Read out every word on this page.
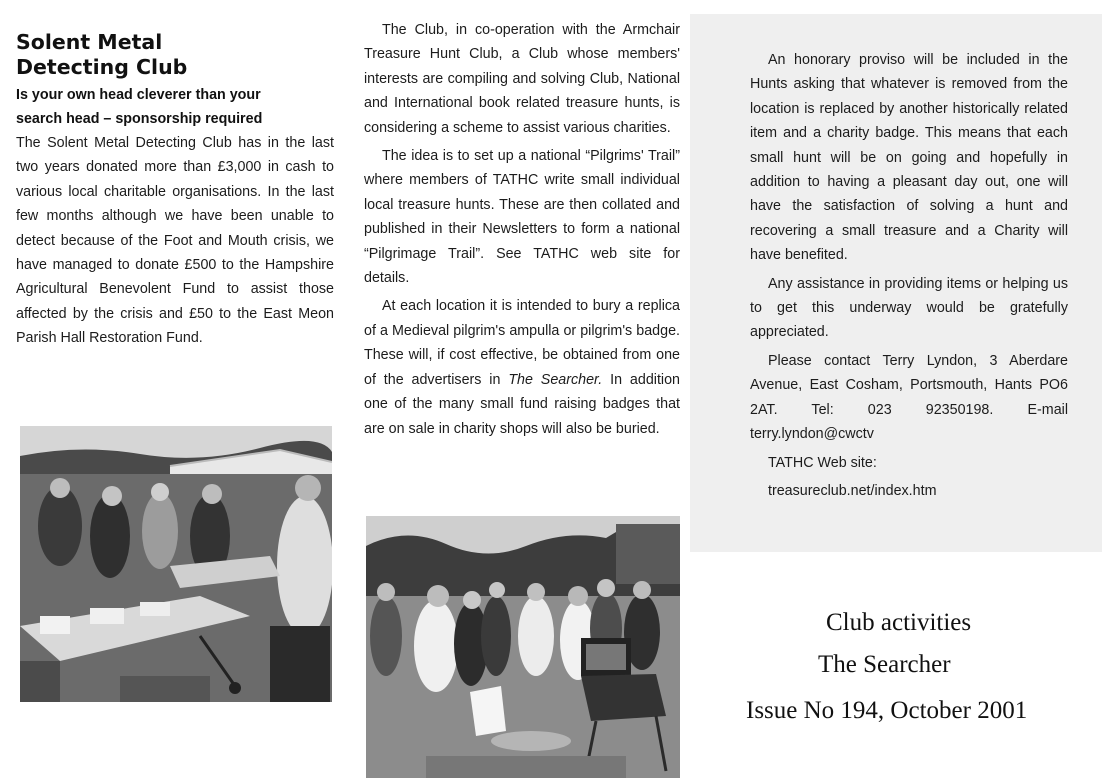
Solent Metal
Detecting Club
Is your own head cleverer than your
search head – sponsorship required

The Solent Metal Detecting Club has in the last two years donated more than £3,000 in cash to various local charitable organisations. In the last few months although we have been unable to detect because of the Foot and Mouth crisis, we have managed to donate £500 to the Hampshire Agricultural Benevolent Fund to assist those affected by the crisis and £50 to the East Meon Parish Hall Restoration Fund.

The Club, in co-operation with the Armchair Treasure Hunt Club, a Club whose members' interests are compiling and solving Club, National and International book related treasure hunts, is considering a scheme to assist various charities.

The idea is to set up a national “Pilgrims' Trail” where members of TATHC write small individual local treasure hunts. These are then collated and published in their Newsletters to form a national “Pilgrimage Trail”. See TATHC web site for details.

At each location it is intended to bury a replica of a Medieval pilgrim's ampulla or pilgrim's badge. These will, if cost effective, be obtained from one of the advertisers in The Searcher. In addition one of the many small fund raising badges that are on sale in charity shops will also be buried.

An honorary proviso will be included in the Hunts asking that whatever is removed from the location is replaced by another historically related item and a charity badge. This means that each small hunt will be on going and hopefully in addition to having a pleasant day out, one will have the satisfaction of solving a hunt and recovering a small treasure and a Charity will have benefited.

Any assistance in providing items or helping us to get this underway would be gratefully appreciated.

Please contact Terry Lyndon, 3 Aberdare Avenue, East Cosham, Portsmouth, Hants PO6 2AT. Tel: 023 92350198. E-mail terry.lyndon@cwctv

TATHC Web site:

treasureclub.net/index.htm

Club activities
The Searcher
Issue No 194, October 2001
